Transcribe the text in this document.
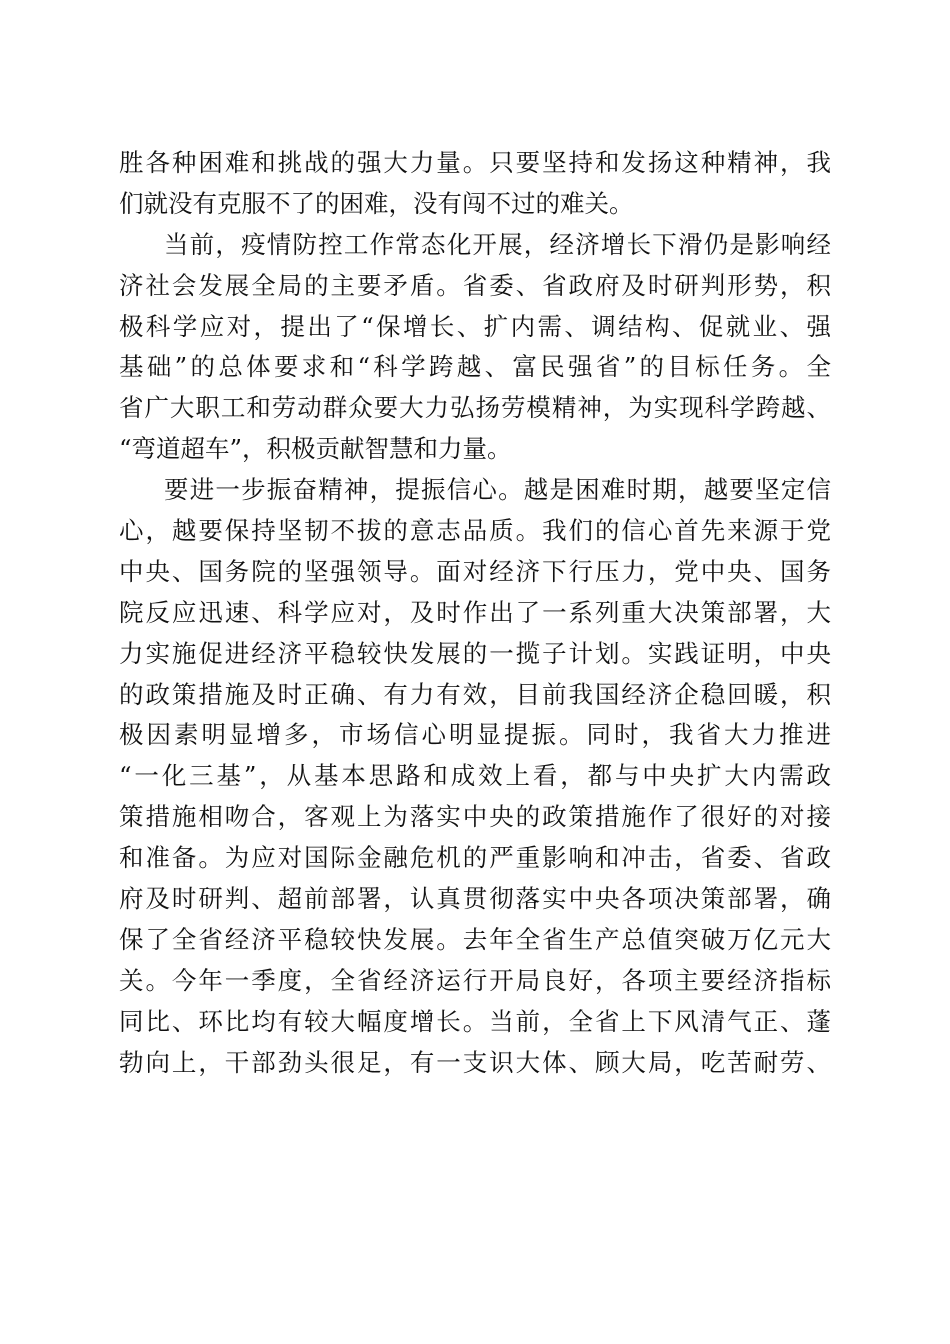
胜各种困难和挑战的强大力量。只要坚持和发扬这种精神，我
们就没有克服不了的困难，没有闯不过的难关。
当前，疫情防控工作常态化开展，经济增长下滑仍是影响经
济社会发展全局的主要矛盾。省委、省政府及时研判形势，积
极科学应对，提出了“保增长、扩内需、调结构、促就业、强
基础”的总体要求和“科学跨越、富民强省”的目标任务。全
省广大职工和劳动群众要大力弘扬劳模精神，为实现科学跨越、
“弯道超车”，积极贡献智慧和力量。
要进一步振奋精神，提振信心。越是困难时期，越要坚定信
心，越要保持坚韧不拔的意志品质。我们的信心首先来源于党
中央、国务院的坚强领导。面对经济下行压力，党中央、国务
院反应迅速、科学应对，及时作出了一系列重大决策部署，大
力实施促进经济平稳较快发展的一揽子计划。实践证明，中央
的政策措施及时正确、有力有效，目前我国经济企稳回暖，积
极因素明显增多，市场信心明显提振。同时，我省大力推进
“一化三基”，从基本思路和成效上看，都与中央扩大内需政
策措施相吻合，客观上为落实中央的政策措施作了很好的对接
和准备。为应对国际金融危机的严重影响和冲击，省委、省政
府及时研判、超前部署，认真贯彻落实中央各项决策部署，确
保了全省经济平稳较快发展。去年全省生产总值突破万亿元大
关。今年一季度，全省经济运行开局良好，各项主要经济指标
同比、环比均有较大幅度增长。当前，全省上下风清气正、蓬
勃向上，干部劲头很足，有一支识大体、顾大局，吃苦耐劳、
